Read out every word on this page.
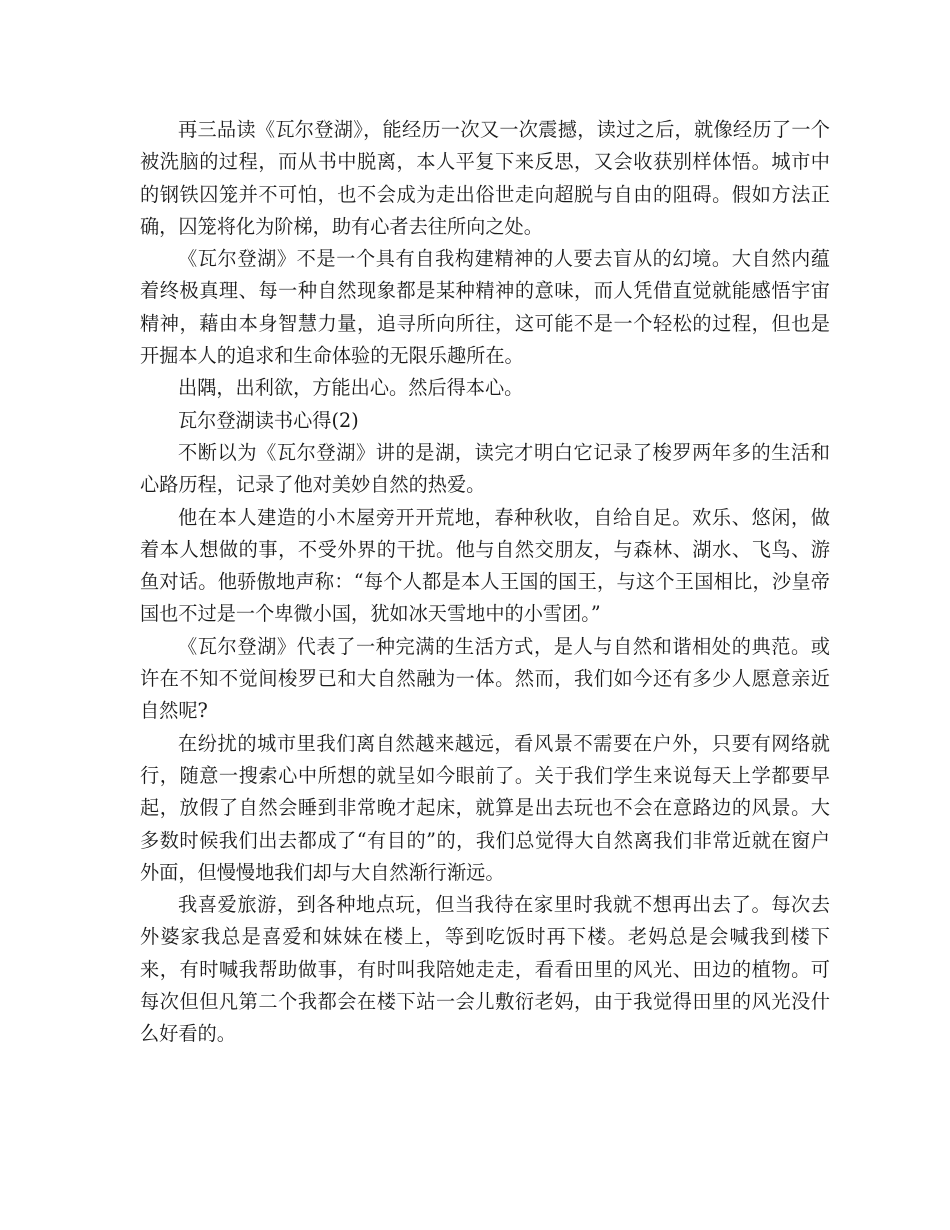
再三品读《瓦尔登湖》，能经历一次又一次震撼，读过之后，就像经历了一个被洗脑的过程，而从书中脱离，本人平复下来反思，又会收获别样体悟。城市中的钢铁囚笼并不可怕，也不会成为走出俗世走向超脱与自由的阻碍。假如方法正确，囚笼将化为阶梯，助有心者去往所向之处。

《瓦尔登湖》不是一个具有自我构建精神的人要去盲从的幻境。大自然内蕴着终极真理、每一种自然现象都是某种精神的意味，而人凭借直觉就能感悟宇宙精神，藉由本身智慧力量，追寻所向所往，这可能不是一个轻松的过程，但也是开掘本人的追求和生命体验的无限乐趣所在。

出隅，出利欲，方能出心。然后得本心。

瓦尔登湖读书心得(2)

不断以为《瓦尔登湖》讲的是湖，读完才明白它记录了梭罗两年多的生活和心路历程，记录了他对美妙自然的热爱。

他在本人建造的小木屋旁开开荒地，春种秋收，自给自足。欢乐、悠闲，做着本人想做的事，不受外界的干扰。他与自然交朋友，与森林、湖水、飞鸟、游鱼对话。他骄傲地声称：“每个人都是本人王国的国王，与这个王国相比，沙皇帝国也不过是一个卑微小国，犹如冰天雪地中的小雪团。”

《瓦尔登湖》代表了一种完满的生活方式，是人与自然和谐相处的典范。或许在不知不觉间梭罗已和大自然融为一体。然而，我们如今还有多少人愿意亲近自然呢?

在纷扰的城市里我们离自然越来越远，看风景不需要在户外，只要有网络就行，随意一搜索心中所想的就呈如今眼前了。关于我们学生来说每天上学都要早起，放假了自然会睡到非常晚才起床，就算是出去玩也不会在意路边的风景。大多数时候我们出去都成了“有目的”的，我们总觉得大自然离我们非常近就在窗户外面，但慢慢地我们却与大自然渐行渐远。

我喜爱旅游，到各种地点玩，但当我待在家里时我就不想再出去了。每次去外婆家我总是喜爱和妹妹在楼上，等到吃饭时再下楼。老妈总是会喊我到楼下来，有时喊我帮助做事，有时叫我陪她走走，看看田里的风光、田边的植物。可每次但但凡第二个我都会在楼下站一会儿敷衍老妈，由于我觉得田里的风光没什么好看的。
